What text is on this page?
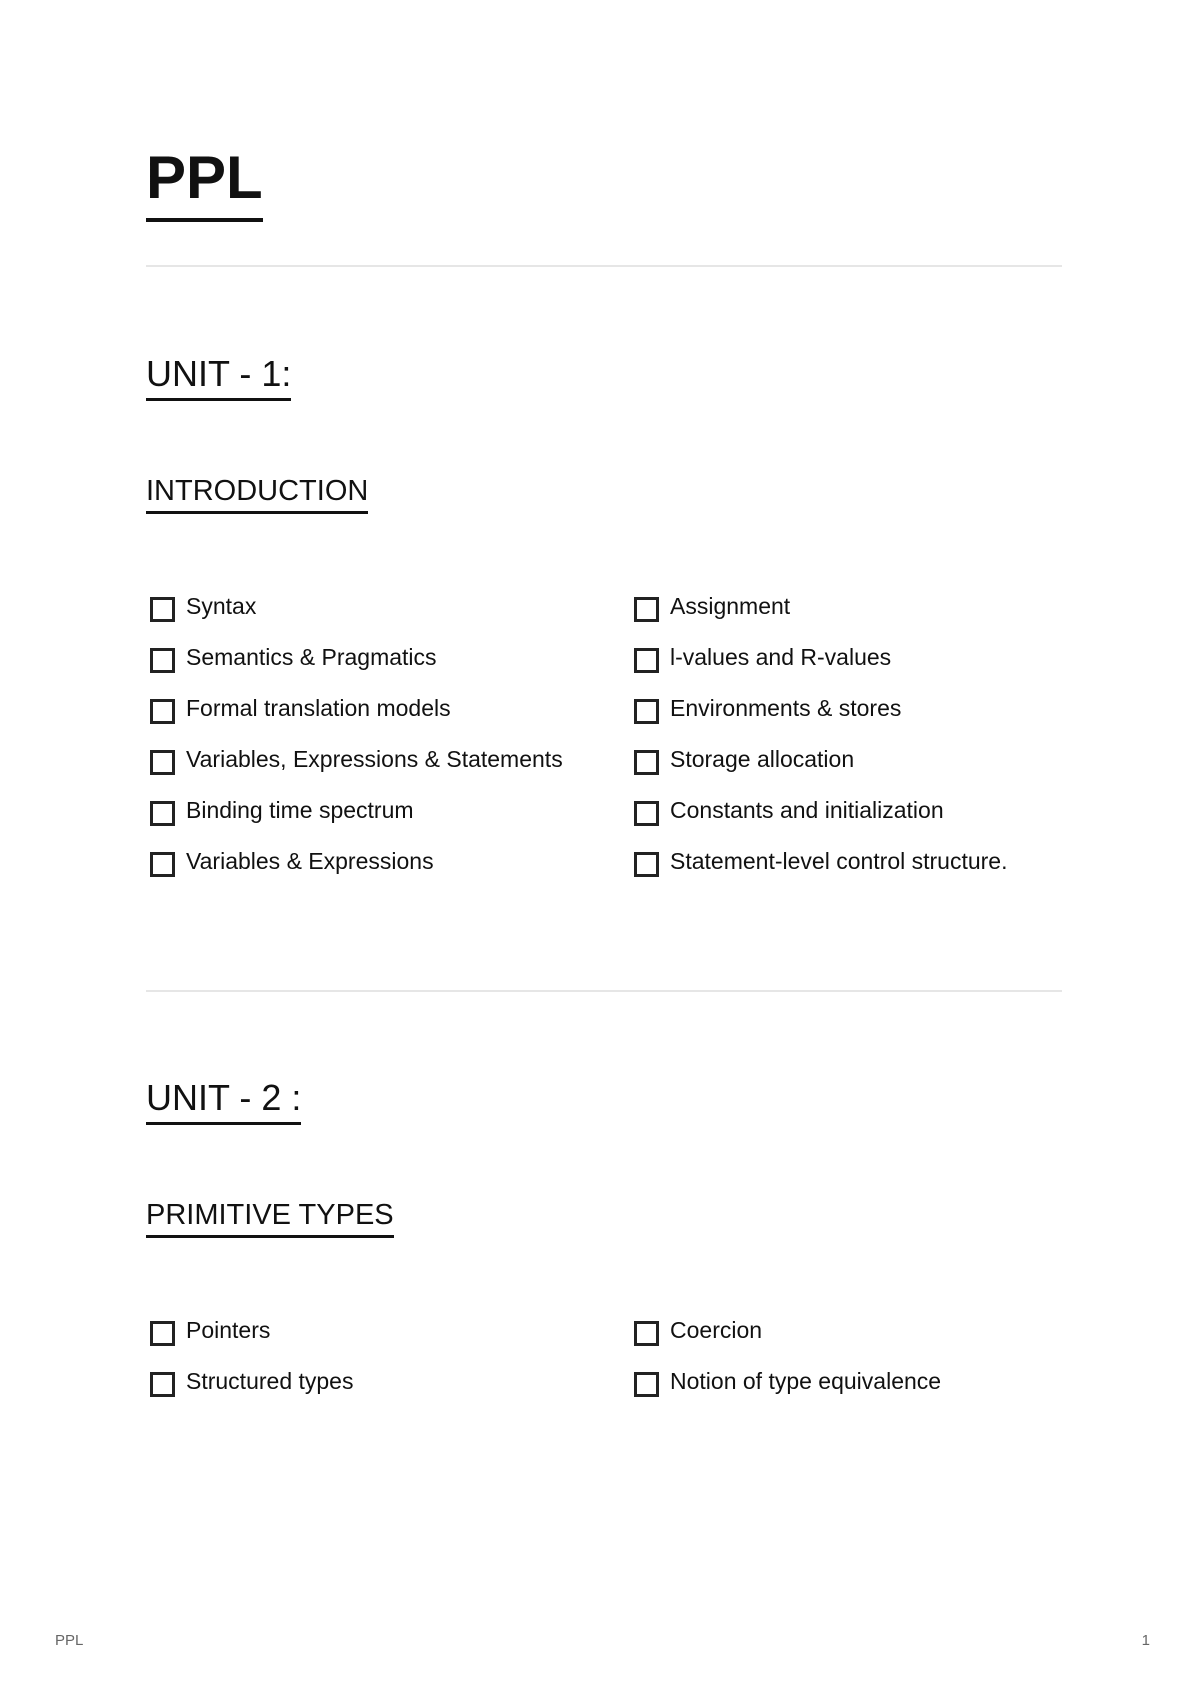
PPL
UNIT - 1:
INTRODUCTION
Syntax
Semantics & Pragmatics
Formal translation models
Variables, Expressions & Statements
Binding time spectrum
Variables & Expressions
Assignment
l-values and R-values
Environments & stores
Storage allocation
Constants and initialization
Statement-level control structure.
UNIT - 2 :
PRIMITIVE TYPES
Pointers
Structured types
Coercion
Notion of type equivalence
PPL	1
